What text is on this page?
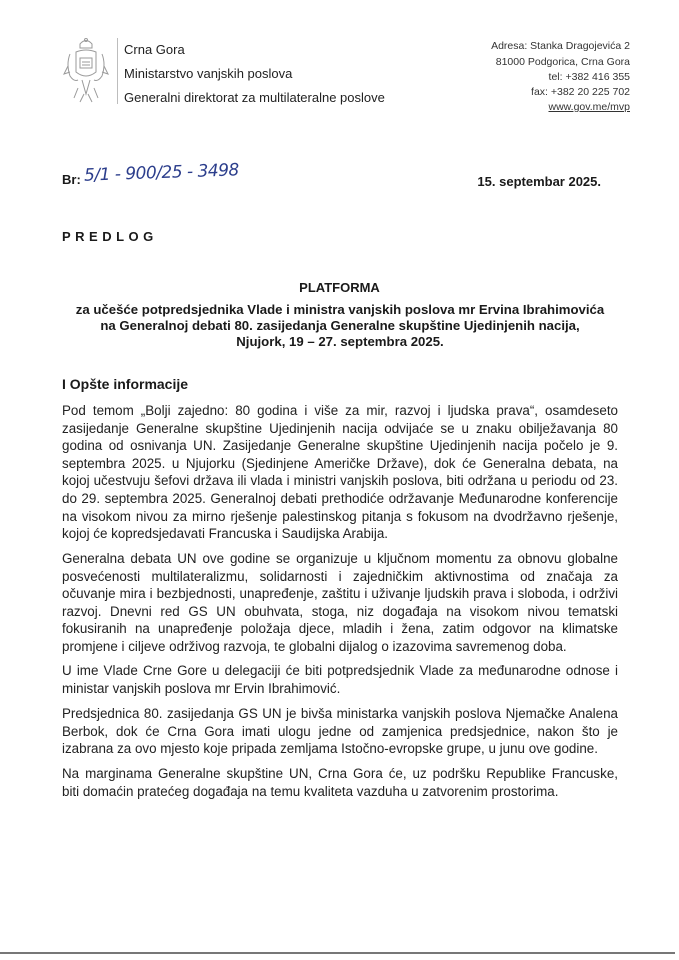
Crna Gora
Ministarstvo vanjskih poslova
Generalni direktorat za multilateralne poslove
Adresa: Stanka Dragojevića 2
81000 Podgorica, Crna Gora
tel: +382 416 355
fax: +382 20 225 702
www.gov.me/mvp
Br: 5/1 - 900/25 - 3498	15. septembar 2025.
PREDLOG
PLATFORMA
za učešće potpredsjednika Vlade i ministra vanjskih poslova mr Ervina Ibrahimovića
na Generalnoj debati 80. zasijedanja Generalne skupštine Ujedinjenih nacija,
Njujork, 19 – 27. septembra 2025.
I Opšte informacije
Pod temom „Bolji zajedno: 80 godina i više za mir, razvoj i ljudska prava“, osamdeseto
zasijedanje Generalne skupštine Ujedinjenih nacija odvijaće se u znaku obilježavanja 80
godina od osnivanja UN. Zasijedanje Generalne skupštine Ujedinjenih nacija počelo je 9.
septembra 2025. u Njujorku (Sjedinjene Američke Države), dok će Generalna debata, na
kojoj učestvuju šefovi država ili vlada i ministri vanjskih poslova, biti održana u periodu od 23.
do 29. septembra 2025. Generalnoj debati prethodiće održavanje Međunarodne konferencije
na visokom nivou za mirno rješenje palestinskog pitanja s fokusom na dvodržavno rješenje,
kojoj će kopredsjedavati Francuska i Saudijska Arabija.
Generalna debata UN ove godine se organizuje u ključnom momentu za obnovu globalne
posvećenosti multilateralizmu, solidarnosti i zajedničkim aktivnostima od značaja za
očuvanje mira i bezbjednosti, unapređenje, zaštitu i uživanje ljudskih prava i sloboda, i održivi
razvoj. Dnevni red GS UN obuhvata, stoga, niz događaja na visokom nivou tematski
fokusiranih na unapređenje položaja djece, mladih i žena, zatim odgovor na klimatske
promjene i ciljeve održivog razvoja, te globalni dijalog o izazovima savremenog doba.
U ime Vlade Crne Gore u delegaciji će biti potpredsjednik Vlade za međunarodne odnose i
ministar vanjskih poslova mr Ervin Ibrahimović.
Predsjednica 80. zasijedanja GS UN je bivša ministarka vanjskih poslova Njemačke Analena
Berbok, dok će Crna Gora imati ulogu jedne od zamjenica predsjednice, nakon što je
izabrana za ovo mjesto koje pripada zemljama Istočno-evropske grupe, u junu ove godine.
Na marginama Generalne skupštine UN, Crna Gora će, uz podršku Republike Francuske,
biti domaćin pratećeg događaja na temu kvaliteta vazduha u zatvorenim prostorima.
